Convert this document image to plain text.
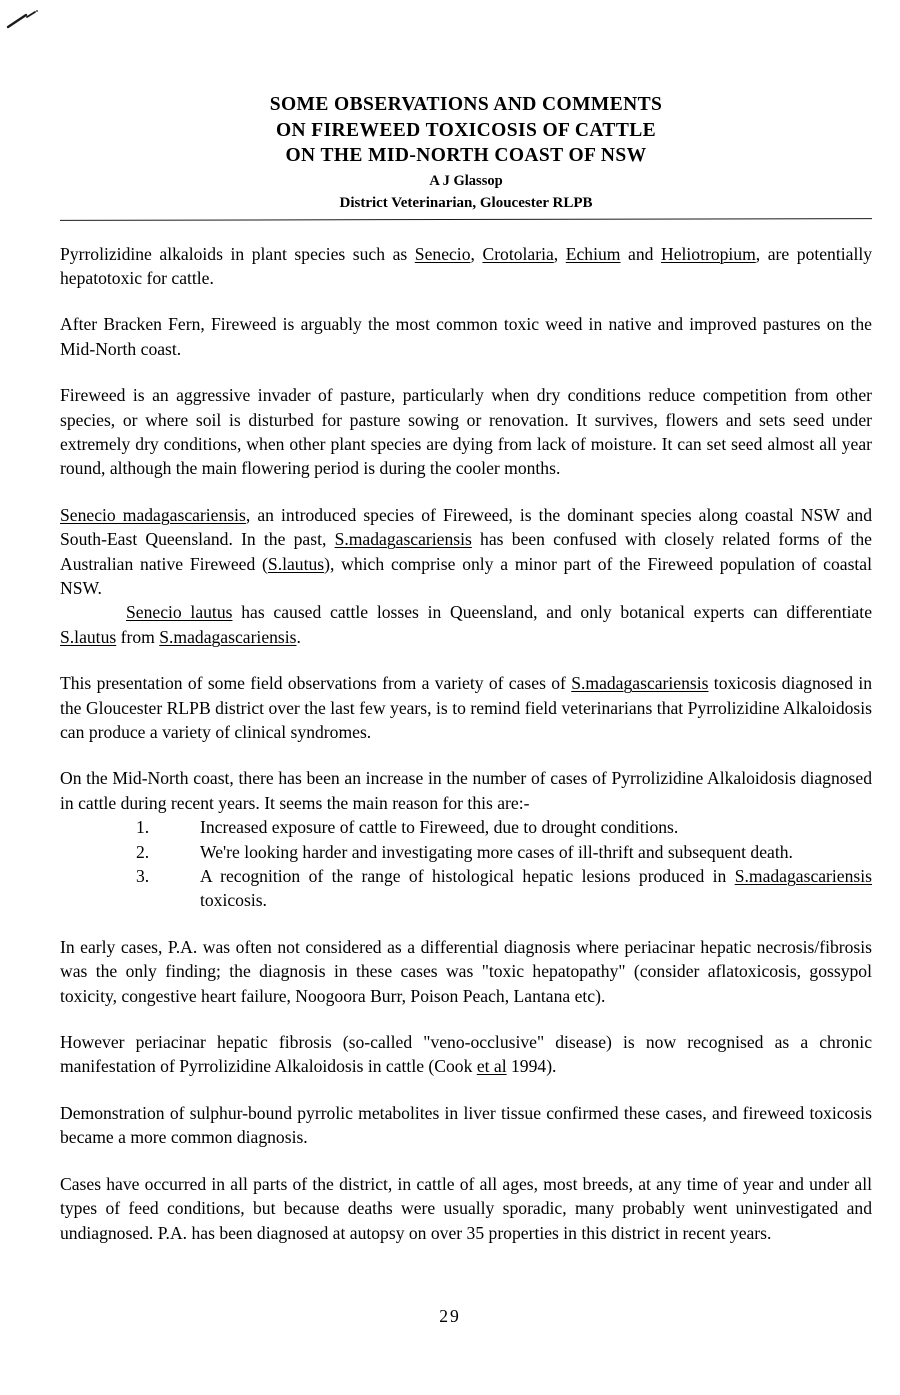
SOME OBSERVATIONS AND COMMENTS
ON FIREWEED TOXICOSIS OF CATTLE
ON THE MID-NORTH COAST OF NSW
A J Glassop
District Veterinarian, Gloucester RLPB

Pyrrolizidine alkaloids in plant species such as Senecio, Crotolaria, Echium and Heliotropium, are potentially hepatotoxic for cattle.

After Bracken Fern, Fireweed is arguably the most common toxic weed in native and improved pastures on the Mid-North coast.

Fireweed is an aggressive invader of pasture, particularly when dry conditions reduce competition from other species, or where soil is disturbed for pasture sowing or renovation. It survives, flowers and sets seed under extremely dry conditions, when other plant species are dying from lack of moisture. It can set seed almost all year round, although the main flowering period is during the cooler months.

Senecio madagascariensis, an introduced species of Fireweed, is the dominant species along coastal NSW and South-East Queensland. In the past, S.madagascariensis has been confused with closely related forms of the Australian native Fireweed (S.lautus), which comprise only a minor part of the Fireweed population of coastal NSW.

Senecio lautus has caused cattle losses in Queensland, and only botanical experts can differentiate S.lautus from S.madagascariensis.

This presentation of some field observations from a variety of cases of S.madagascariensis toxicosis diagnosed in the Gloucester RLPB district over the last few years, is to remind field veterinarians that Pyrrolizidine Alkaloidosis can produce a variety of clinical syndromes.

On the Mid-North coast, there has been an increase in the number of cases of Pyrrolizidine Alkaloidosis diagnosed in cattle during recent years. It seems the main reason for this are:-

1.	Increased exposure of cattle to Fireweed, due to drought conditions.
2.	We're looking harder and investigating more cases of ill-thrift and subsequent death.
3.	A recognition of the range of histological hepatic lesions produced in S.madagascariensis toxicosis.

In early cases, P.A. was often not considered as a differential diagnosis where periacinar hepatic necrosis/fibrosis was the only finding; the diagnosis in these cases was "toxic hepatopathy" (consider aflatoxicosis, gossypol toxicity, congestive heart failure, Noogoora Burr, Poison Peach, Lantana etc).

However periacinar hepatic fibrosis (so-called "veno-occlusive" disease) is now recognised as a chronic manifestation of Pyrrolizidine Alkaloidosis in cattle (Cook et al 1994).

Demonstration of sulphur-bound pyrrolic metabolites in liver tissue confirmed these cases, and fireweed toxicosis became a more common diagnosis.

Cases have occurred in all parts of the district, in cattle of all ages, most breeds, at any time of year and under all types of feed conditions, but because deaths were usually sporadic, many probably went uninvestigated and undiagnosed. P.A. has been diagnosed at autopsy on over 35 properties in this district in recent years.

29
